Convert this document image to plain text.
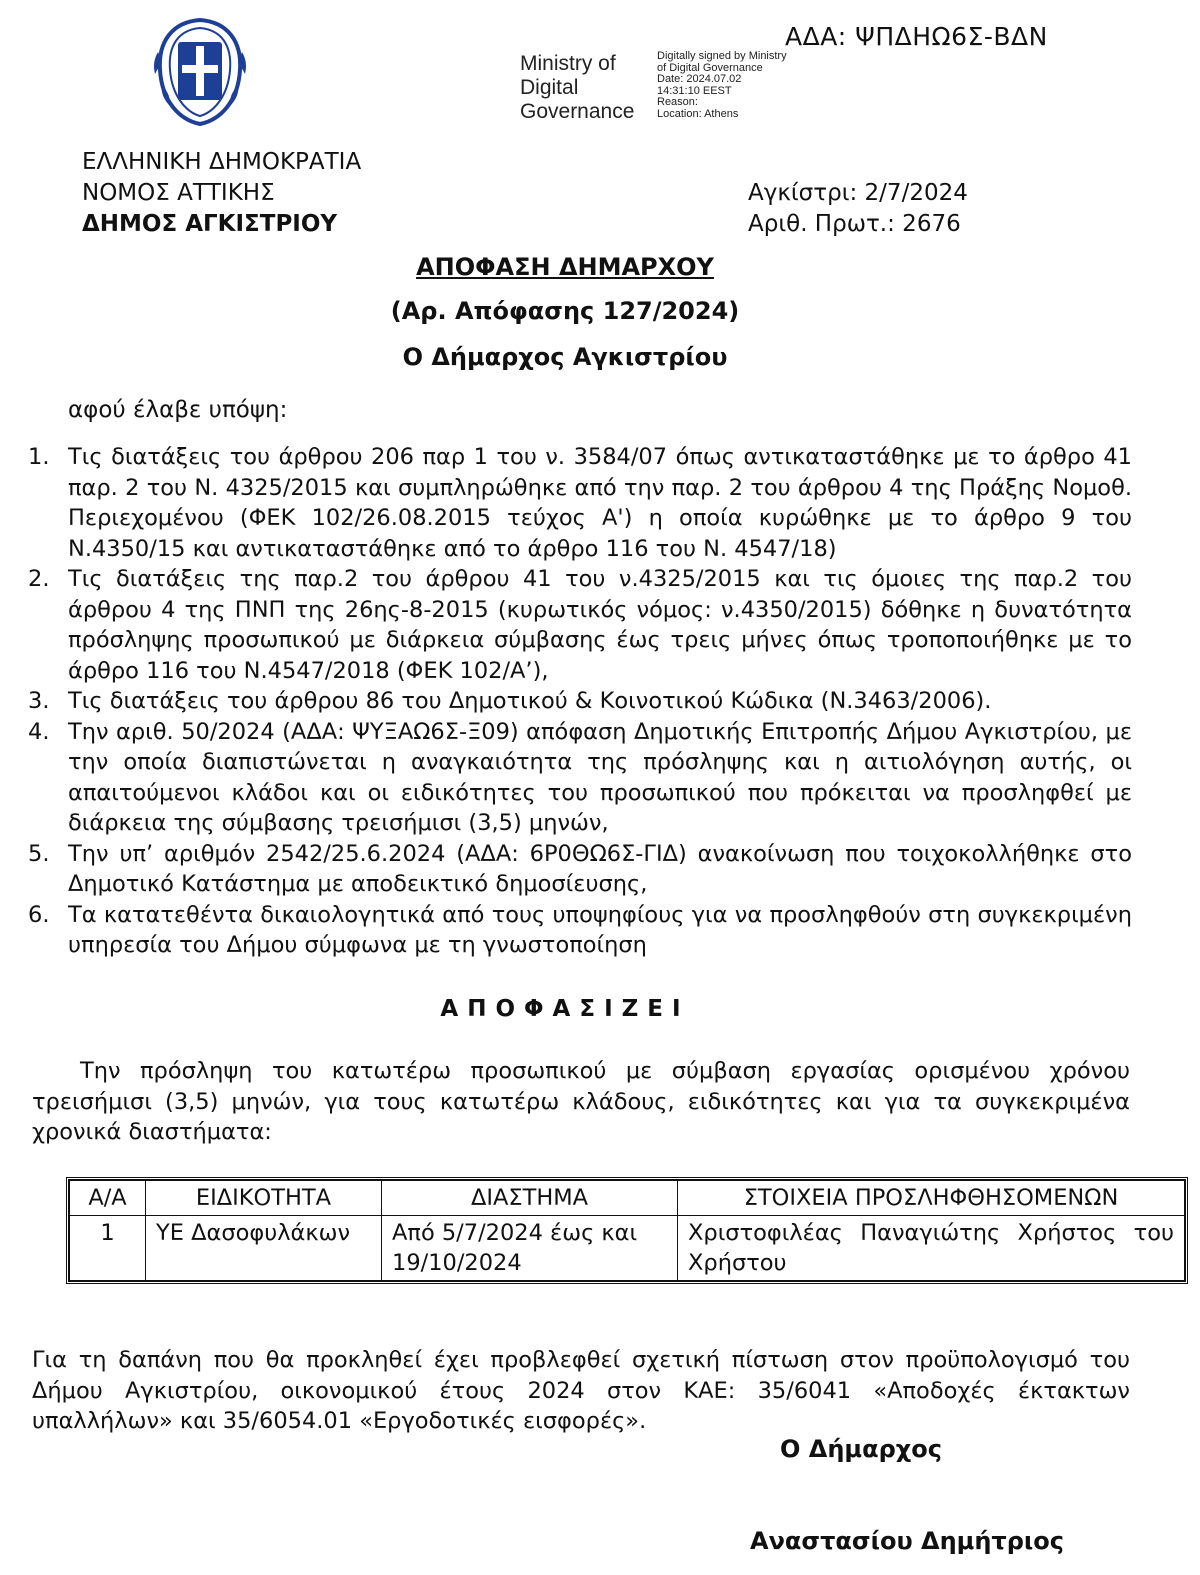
ΑΔΑ: ΨΠΔΗΩ6Σ-ΒΔΝ
Ministry of
Digital
Governance
Digitally signed by Ministry
of Digital Governance
Date: 2024.07.02
14:31:10 EEST
Reason:
Location: Athens
ΕΛΛΗΝΙΚΗ ΔΗΜΟΚΡΑΤΙΑ
ΝΟΜΟΣ ΑΤΤΙΚΗΣ
ΔΗΜΟΣ ΑΓΚΙΣΤΡΙΟΥ
Αγκίστρι: 2/7/2024
Αριθ. Πρωτ.: 2676
ΑΠΟΦΑΣΗ ΔΗΜΑΡΧΟΥ
(Αρ. Απόφασης 127/2024)
Ο Δήμαρχος Αγκιστρίου
αφού έλαβε υπόψη:
1. Τις διατάξεις του άρθρου 206 παρ 1 του ν. 3584/07 όπως αντικαταστάθηκε με το άρθρο 41 παρ. 2 του Ν. 4325/2015 και συμπληρώθηκε από την παρ. 2 του άρθρου 4 της Πράξης Νομοθ. Περιεχομένου (ΦΕΚ 102/26.08.2015 τεύχος Α') η οποία κυρώθηκε με το άρθρο 9 του Ν.4350/15 και αντικαταστάθηκε από το άρθρο 116 του Ν. 4547/18)
2. Τις διατάξεις της παρ.2 του άρθρου 41 του ν.4325/2015 και τις όμοιες της παρ.2 του άρθρου 4 της ΠΝΠ της 26ης-8-2015 (κυρωτικός νόμος: ν.4350/2015) δόθηκε η δυνατότητα πρόσληψης προσωπικού με διάρκεια σύμβασης έως τρεις μήνες όπως τροποποιήθηκε με το άρθρο 116 του Ν.4547/2018 (ΦΕΚ 102/Α’),
3. Τις διατάξεις του άρθρου 86 του Δημοτικού & Κοινοτικού Κώδικα (Ν.3463/2006).
4. Την αριθ. 50/2024 (ΑΔΑ: ΨΥΞΑΩ6Σ-Ξ09) απόφαση Δημοτικής Επιτροπής Δήμου Αγκιστρίου, με την οποία διαπιστώνεται η αναγκαιότητα της πρόσληψης και η αιτιολόγηση αυτής, οι απαιτούμενοι κλάδοι και οι ειδικότητες του προσωπικού που πρόκειται να προσληφθεί με διάρκεια της σύμβασης τρεισήμισι (3,5) μηνών,
5. Την υπ’ αριθμόν 2542/25.6.2024 (ΑΔΑ: 6Ρ0ΘΩ6Σ-ΓΙΔ) ανακοίνωση που τοιχοκολλήθηκε στο Δημοτικό Κατάστημα με αποδεικτικό δημοσίευσης,
6. Τα κατατεθέντα δικαιολογητικά από τους υποψηφίους για να προσληφθούν στη συγκεκριμένη υπηρεσία του Δήμου σύμφωνα με τη γνωστοποίηση
ΑΠΟΦΑΣΙΖΕΙ
Την πρόσληψη του κατωτέρω προσωπικού με σύμβαση εργασίας ορισμένου χρόνου τρεισήμισι (3,5) μηνών, για τους κατωτέρω κλάδους, ειδικότητες και για τα συγκεκριμένα χρονικά διαστήματα:
Α/Α	ΕΙΔΙΚΟΤΗΤΑ	ΔΙΑΣΤΗΜΑ	ΣΤΟΙΧΕΙΑ ΠΡΟΣΛΗΦΘΗΣΟΜΕΝΩΝ
1	ΥΕ Δασοφυλάκων	Από 5/7/2024 έως και 19/10/2024	Χριστοφιλέας Παναγιώτης Χρήστος του Χρήστου
Για τη δαπάνη που θα προκληθεί έχει προβλεφθεί σχετική πίστωση στον προϋπολογισμό του Δήμου Αγκιστρίου, οικονομικού έτους 2024 στον ΚΑΕ: 35/6041 «Αποδοχές έκτακτων υπαλλήλων» και 35/6054.01 «Εργοδοτικές εισφορές».
Ο Δήμαρχος
Αναστασίου Δημήτριος
